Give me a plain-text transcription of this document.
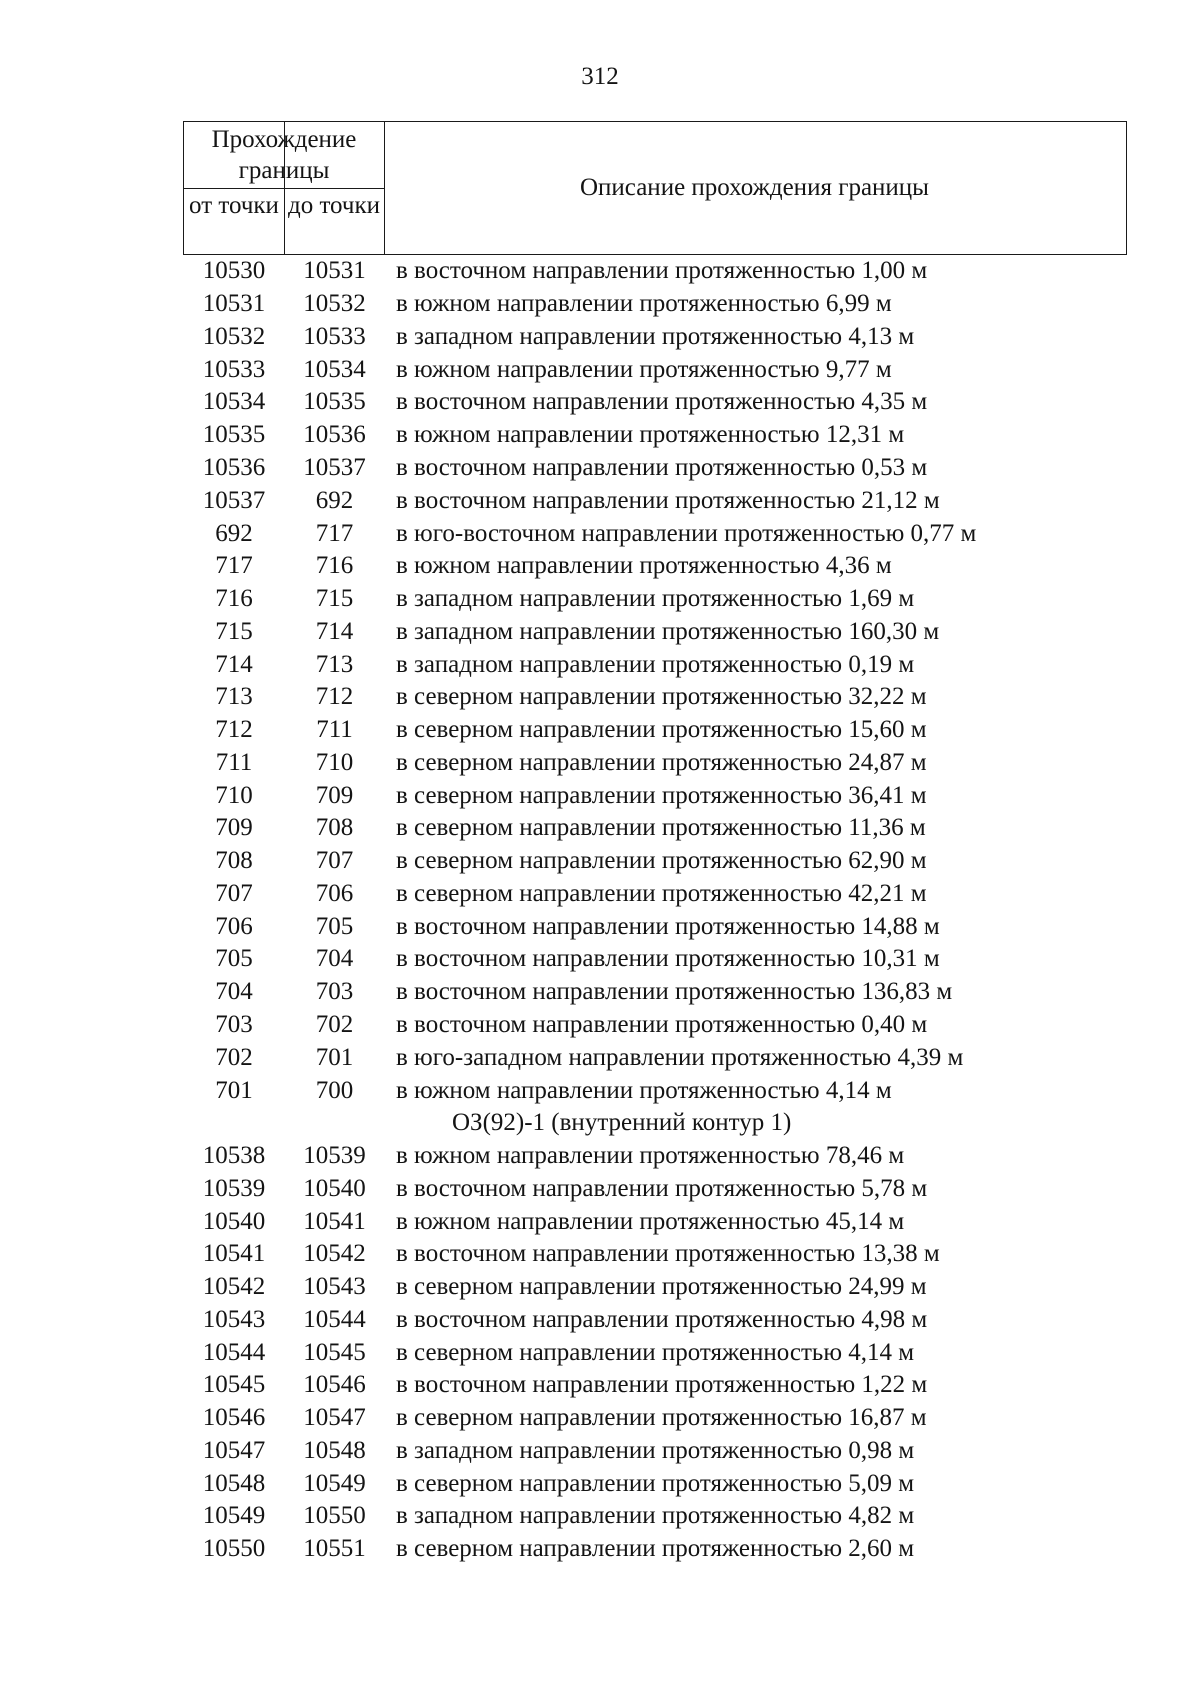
312
Прохождение границы
от точки до точки
Описание прохождения границы
10530	10531	в восточном направлении протяженностью 1,00 м
10531	10532	в южном направлении протяженностью 6,99 м
10532	10533	в западном направлении протяженностью 4,13 м
10533	10534	в южном направлении протяженностью 9,77 м
10534	10535	в восточном направлении протяженностью 4,35 м
10535	10536	в южном направлении протяженностью 12,31 м
10536	10537	в восточном направлении протяженностью 0,53 м
10537	692	в восточном направлении протяженностью 21,12 м
692	717	в юго-восточном направлении протяженностью 0,77 м
717	716	в южном направлении протяженностью 4,36 м
716	715	в западном направлении протяженностью 1,69 м
715	714	в западном направлении протяженностью 160,30 м
714	713	в западном направлении протяженностью 0,19 м
713	712	в северном направлении протяженностью 32,22 м
712	711	в северном направлении протяженностью 15,60 м
711	710	в северном направлении протяженностью 24,87 м
710	709	в северном направлении протяженностью 36,41 м
709	708	в северном направлении протяженностью 11,36 м
708	707	в северном направлении протяженностью 62,90 м
707	706	в северном направлении протяженностью 42,21 м
706	705	в восточном направлении протяженностью 14,88 м
705	704	в восточном направлении протяженностью 10,31 м
704	703	в восточном направлении протяженностью 136,83 м
703	702	в восточном направлении протяженностью 0,40 м
702	701	в юго-западном направлении протяженностью 4,39 м
701	700	в южном направлении протяженностью 4,14 м
ОЗ(92)-1 (внутренний контур 1)
10538	10539	в южном направлении протяженностью 78,46 м
10539	10540	в восточном направлении протяженностью 5,78 м
10540	10541	в южном направлении протяженностью 45,14 м
10541	10542	в восточном направлении протяженностью 13,38 м
10542	10543	в северном направлении протяженностью 24,99 м
10543	10544	в восточном направлении протяженностью 4,98 м
10544	10545	в северном направлении протяженностью 4,14 м
10545	10546	в восточном направлении протяженностью 1,22 м
10546	10547	в северном направлении протяженностью 16,87 м
10547	10548	в западном направлении протяженностью 0,98 м
10548	10549	в северном направлении протяженностью 5,09 м
10549	10550	в западном направлении протяженностью 4,82 м
10550	10551	в северном направлении протяженностью 2,60 м
